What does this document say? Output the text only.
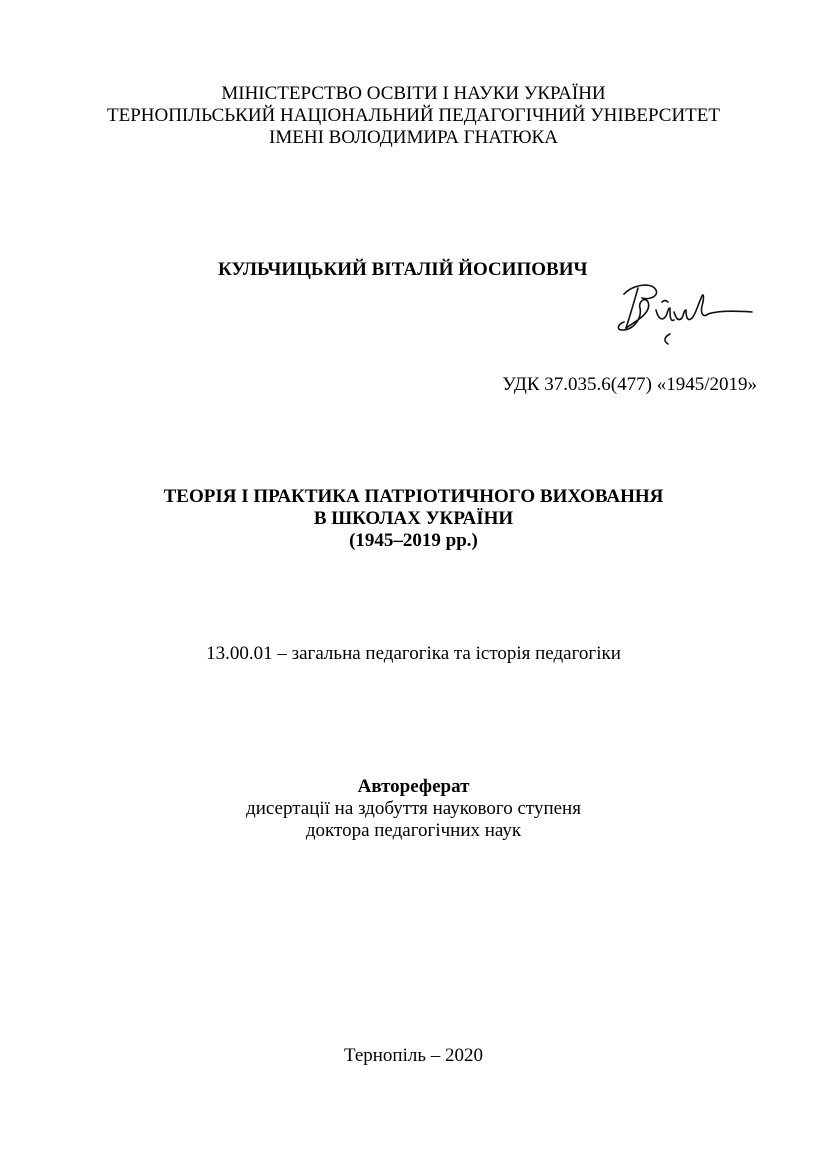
МІНІСТЕРСТВО ОСВІТИ І НАУКИ УКРАЇНИ
ТЕРНОПІЛЬСЬКИЙ НАЦІОНАЛЬНИЙ ПЕДАГОГІЧНИЙ УНІВЕРСИТЕТ
ІМЕНІ ВОЛОДИМИРА ГНАТЮКА
КУЛЬЧИЦЬКИЙ ВІТАЛІЙ ЙОСИПОВИЧ
УДК 37.035.6(477) «1945/2019»
ТЕОРІЯ І ПРАКТИКА ПАТРІОТИЧНОГО ВИХОВАННЯ
В ШКОЛАХ УКРАЇНИ
(1945–2019 рр.)
13.00.01 – загальна педагогіка та історія педагогіки
Автореферат
дисертації на здобуття наукового ступеня
доктора педагогічних наук
Тернопіль – 2020
